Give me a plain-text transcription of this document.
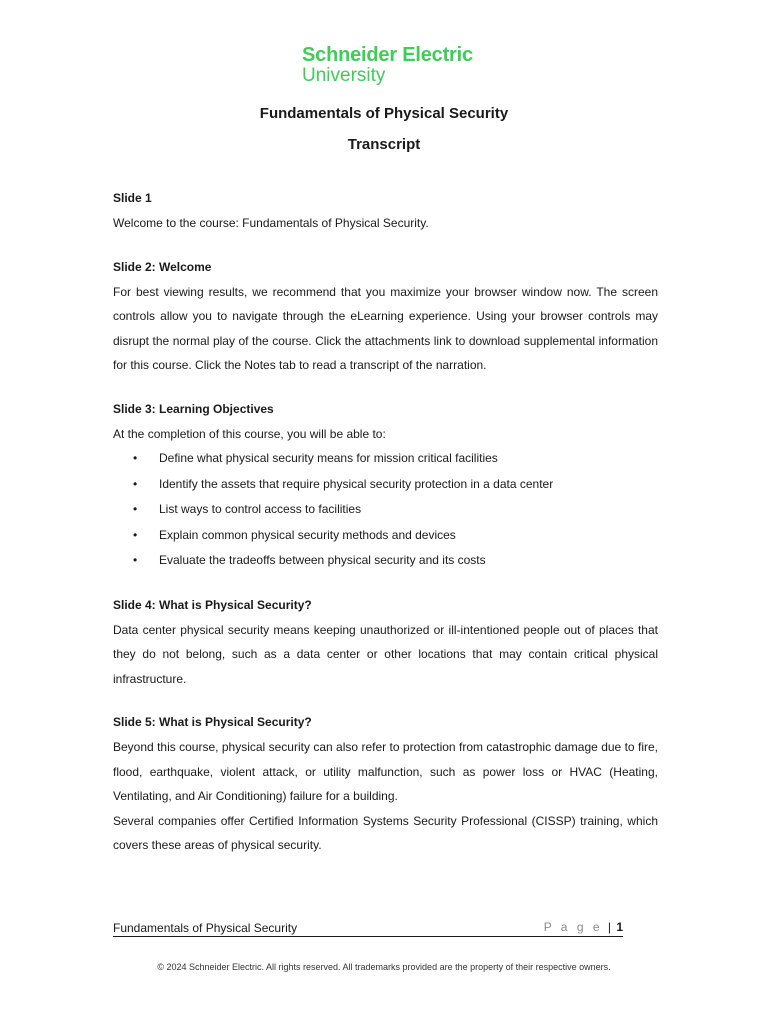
Schneider Electric
University
Fundamentals of Physical Security
Transcript

Slide 1

Welcome to the course: Fundamentals of Physical Security.

Slide 2: Welcome

For best viewing results, we recommend that you maximize your browser window now. The screen controls allow you to navigate through the eLearning experience. Using your browser controls may disrupt the normal play of the course. Click the attachments link to download supplemental information for this course. Click the Notes tab to read a transcript of the narration.

Slide 3: Learning Objectives

At the completion of this course, you will be able to:

• Define what physical security means for mission critical facilities
• Identify the assets that require physical security protection in a data center
• List ways to control access to facilities
• Explain common physical security methods and devices
• Evaluate the tradeoffs between physical security and its costs

Slide 4: What is Physical Security?

Data center physical security means keeping unauthorized or ill-intentioned people out of places that they do not belong, such as a data center or other locations that may contain critical physical infrastructure.

Slide 5: What is Physical Security?

Beyond this course, physical security can also refer to protection from catastrophic damage due to fire, flood, earthquake, violent attack, or utility malfunction, such as power loss or HVAC (Heating, Ventilating, and Air Conditioning) failure for a building.

Several companies offer Certified Information Systems Security Professional (CISSP) training, which covers these areas of physical security.

Fundamentals of Physical Security	P a g e | 1
© 2024 Schneider Electric. All rights reserved. All trademarks provided are the property of their respective owners.
